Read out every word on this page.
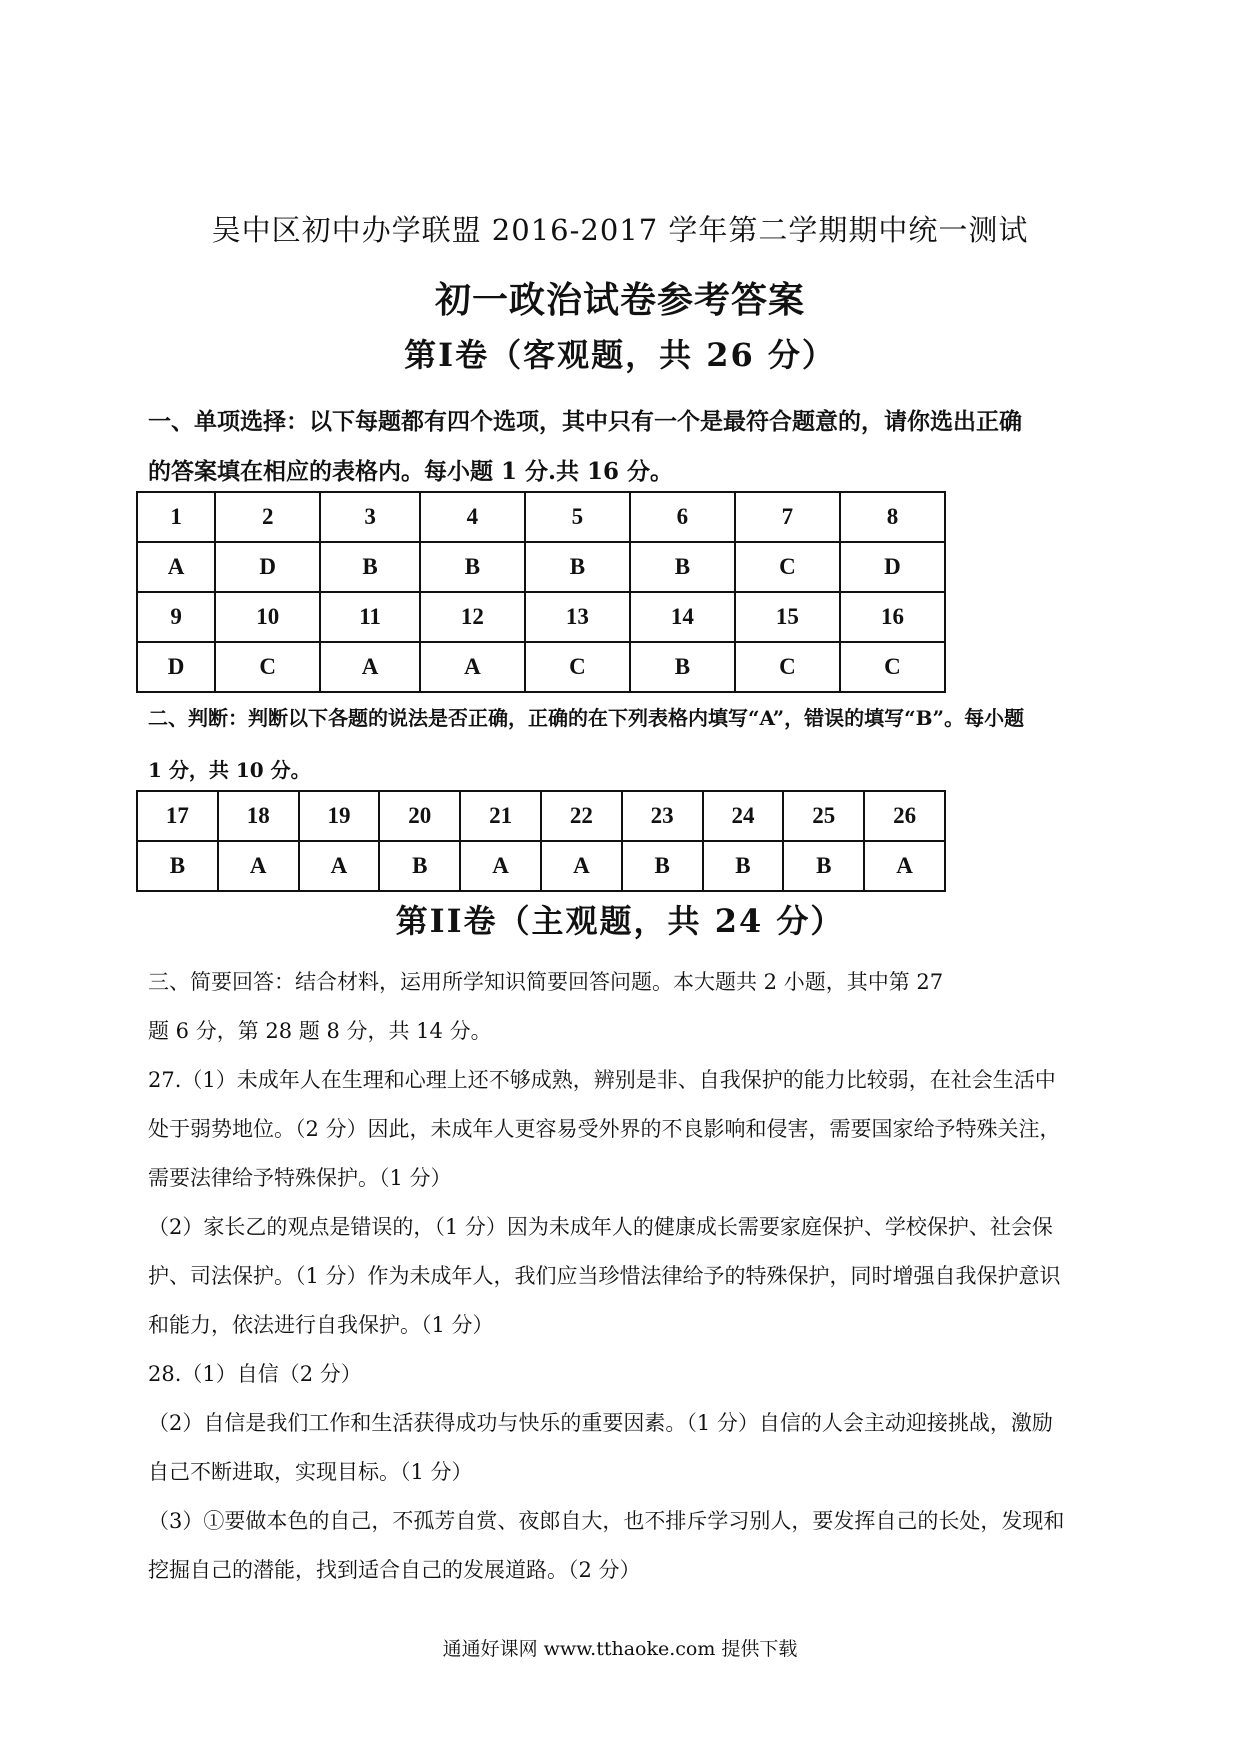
吴中区初中办学联盟 2016-2017 学年第二学期期中统一测试
初一政治试卷参考答案
第Ⅰ卷（客观题，共 26 分）
一、单项选择：以下每题都有四个选项，其中只有一个是最符合题意的，请你选出正确
的答案填在相应的表格内。每小题 1 分.共 16 分。
1	2	3	4	5	6	7	8
A	D	B	B	B	B	C	D
9	10	11	12	13	14	15	16
D	C	A	A	C	B	C	C
二、判断：判断以下各题的说法是否正确，正确的在下列表格内填写“A”，错误的填写“B”。每小题
1 分，共 10 分。
17	18	19	20	21	22	23	24	25	26
B	A	A	B	A	A	B	B	B	A
第II卷（主观题，共 24 分）
三、简要回答：结合材料，运用所学知识简要回答问题。本大题共 2 小题，其中第 27
题 6 分，第 28 题 8 分，共 14 分。

27.（1）未成年人在生理和心理上还不够成熟，辨别是非、自我保护的能力比较弱，在社会生活中

处于弱势地位。（2 分）因此，未成年人更容易受外界的不良影响和侵害，需要国家给予特殊关注，

需要法律给予特殊保护。（1 分）

（2）家长乙的观点是错误的，（1 分）因为未成年人的健康成长需要家庭保护、学校保护、社会保

护、司法保护。（1 分）作为未成年人，我们应当珍惜法律给予的特殊保护，同时增强自我保护意识

和能力，依法进行自我保护。（1 分）

28.（1）自信（2 分）

（2）自信是我们工作和生活获得成功与快乐的重要因素。（1 分）自信的人会主动迎接挑战，激励

自己不断进取，实现目标。（1 分）

（3）①要做本色的自己，不孤芳自赏、夜郎自大，也不排斥学习别人，要发挥自己的长处，发现和

挖掘自己的潜能，找到适合自己的发展道路。（2 分）

通通好课网 www.tthaoke.com 提供下载
